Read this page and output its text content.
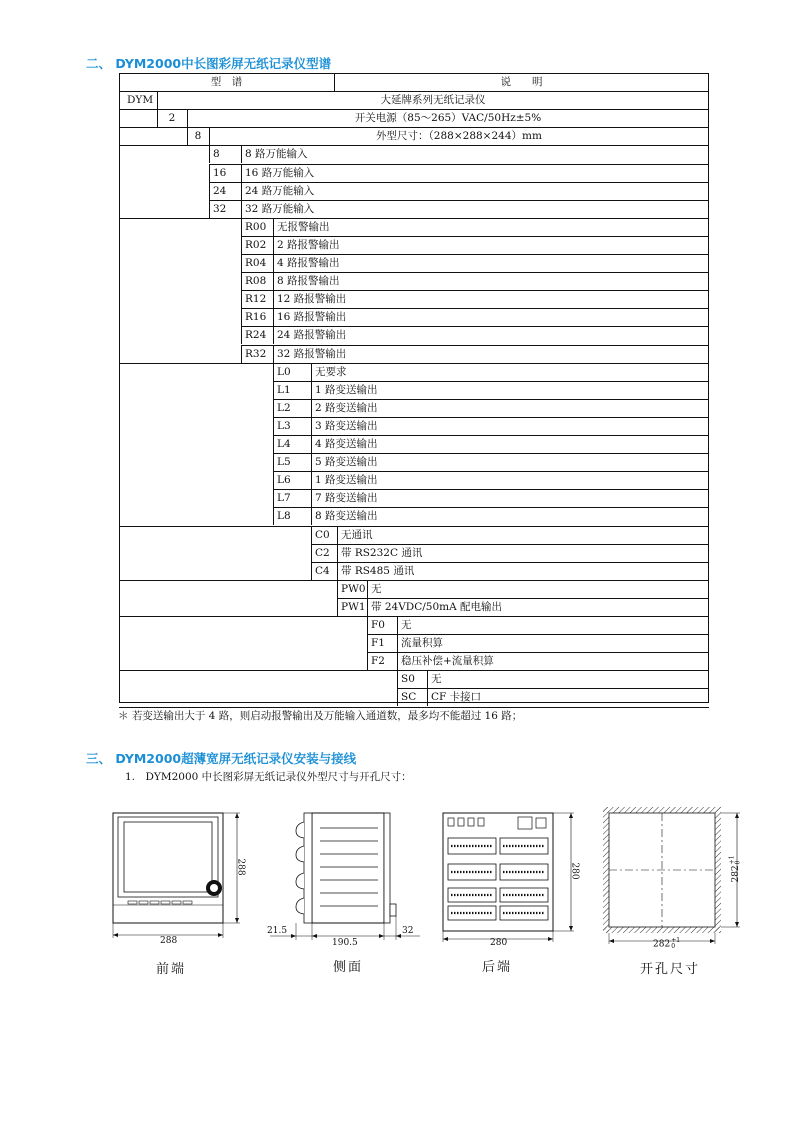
二、 DYM2000中长图彩屏无纸记录仪型谱
型　谱	说　　明
DYM	大延牌系列无纸记录仪
2	开关电源（85～265）VAC/50Hz±5%
8	外型尺寸：（288×288×244）mm
8 8 路万能输入
16 16 路万能输入
24 24 路万能输入
32 32 路万能输入
R00 无报警输出
R02 2 路报警输出
R04 4 路报警输出
R08 8 路报警输出
R12 12 路报警输出
R16 16 路报警输出
R24 24 路报警输出
R32 32 路报警输出
L0 无要求
L1 1 路变送输出
L2 2 路变送输出
L3 3 路变送输出
L4 4 路变送输出
L5 5 路变送输出
L6 1 路变送输出
L7 7 路变送输出
L8 8 路变送输出
C0 无通讯
C2 带 RS232C 通讯
C4 带 RS485 通讯
PW0 无
PW1 带 24VDC/50mA 配电输出
F0 无
F1 流量积算
F2 稳压补偿+流量积算
S0 无
SC CF 卡接口
＊ 若变送输出大于 4 路，则启动报警输出及万能输入通道数，最多均不能超过 16 路；
三、 DYM2000超薄宽屏无纸记录仪安装与接线
1.　DYM2000 中长图彩屏无纸记录仪外型尺寸与开孔尺寸：
288
288
前端
21.5
190.5
32
侧面
280
280
后端
282 +1
0
282
+1 0
开孔尺寸
